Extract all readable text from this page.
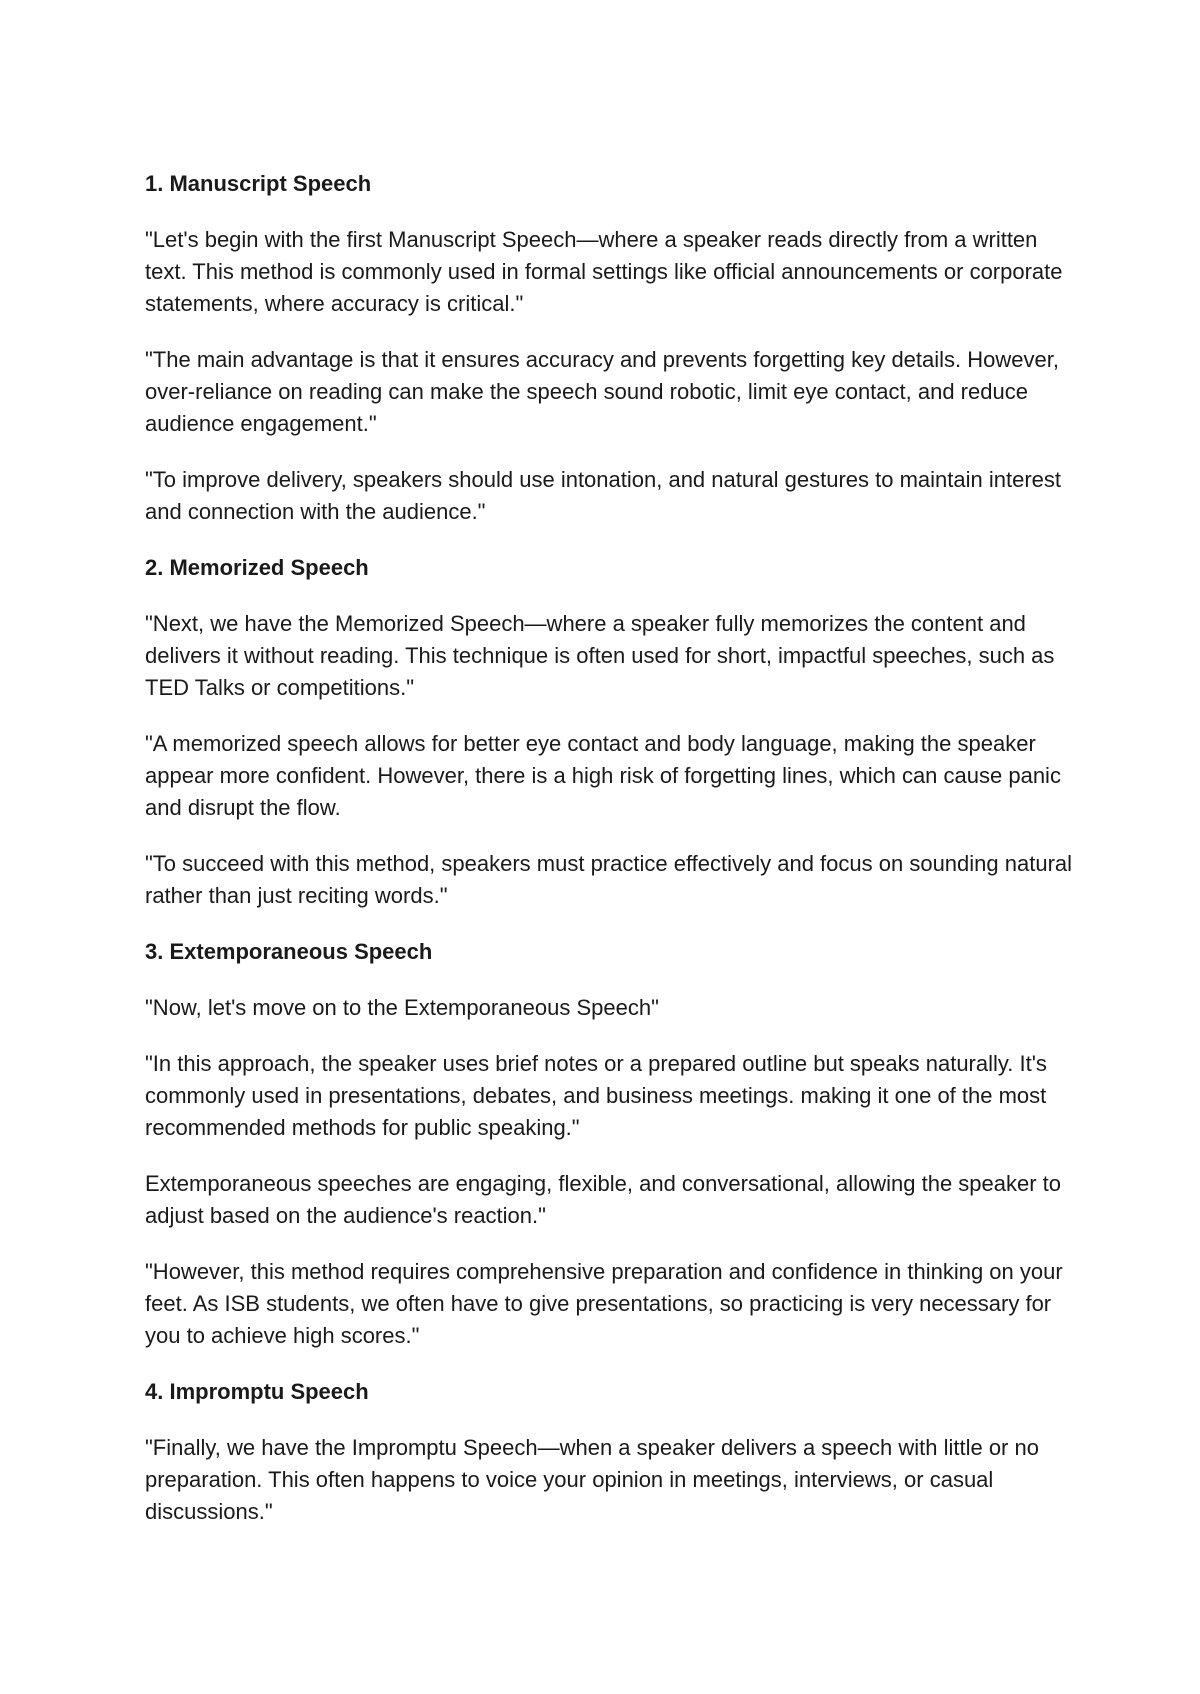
1. Manuscript Speech

"Let's begin with the first Manuscript Speech—where a speaker reads directly from a written text. This method is commonly used in formal settings like official announcements or corporate statements, where accuracy is critical."

"The main advantage is that it ensures accuracy and prevents forgetting key details. However, over-reliance on reading can make the speech sound robotic, limit eye contact, and reduce audience engagement."

"To improve delivery, speakers should use intonation, and natural gestures to maintain interest and connection with the audience."

2. Memorized Speech

"Next, we have the Memorized Speech—where a speaker fully memorizes the content and delivers it without reading. This technique is often used for short, impactful speeches, such as TED Talks or competitions."

"A memorized speech allows for better eye contact and body language, making the speaker appear more confident. However, there is a high risk of forgetting lines, which can cause panic and disrupt the flow.

"To succeed with this method, speakers must practice effectively and focus on sounding natural rather than just reciting words."

3. Extemporaneous Speech

"Now, let's move on to the Extemporaneous Speech"

"In this approach, the speaker uses brief notes or a prepared outline but speaks naturally. It's commonly used in presentations, debates, and business meetings. making it one of the most recommended methods for public speaking."

Extemporaneous speeches are engaging, flexible, and conversational, allowing the speaker to adjust based on the audience's reaction."

"However, this method requires comprehensive preparation and confidence in thinking on your feet. As ISB students, we often have to give presentations, so practicing is very necessary for you to achieve high scores."

4. Impromptu Speech

"Finally, we have the Impromptu Speech—when a speaker delivers a speech with little or no preparation. This often happens to voice your opinion in meetings, interviews, or casual discussions."
